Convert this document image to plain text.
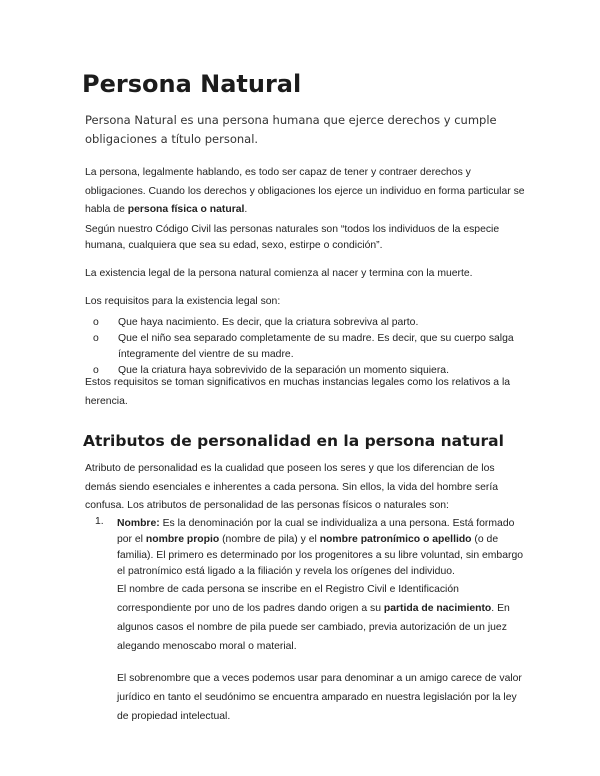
Persona Natural

Persona Natural es una persona humana que ejerce derechos y cumple obligaciones a título personal.

La persona, legalmente hablando, es todo ser capaz de tener y contraer derechos y obligaciones. Cuando los derechos y obligaciones los ejerce un individuo en forma particular se habla de persona física o natural.

Según nuestro Código Civil las personas naturales son “todos los individuos de la especie humana, cualquiera que sea su edad, sexo, estirpe o condición”.

La existencia legal de la persona natural comienza al nacer y termina con la muerte.

Los requisitos para la existencia legal son:

o Que haya nacimiento. Es decir, que la criatura sobreviva al parto.
o Que el niño sea separado completamente de su madre. Es decir, que su cuerpo salga íntegramente del vientre de su madre.
o Que la criatura haya sobrevivido de la separación un momento siquiera.

Estos requisitos se toman significativos en muchas instancias legales como los relativos a la herencia.

Atributos de personalidad en la persona natural

Atributo de personalidad es la cualidad que poseen los seres y que los diferencian de los demás siendo esenciales e inherentes a cada persona. Sin ellos, la vida del hombre sería confusa. Los atributos de personalidad de las personas físicos o naturales son:

1. Nombre: Es la denominación por la cual se individualiza a una persona. Está formado por el nombre propio (nombre de pila) y el nombre patronímico o apellido (o de familia). El primero es determinado por los progenitores a su libre voluntad, sin embargo el patronímico está ligado a la filiación y revela los orígenes del individuo.
El nombre de cada persona se inscribe en el Registro Civil e Identificación correspondiente por uno de los padres dando origen a su partida de nacimiento. En algunos casos el nombre de pila puede ser cambiado, previa autorización de un juez alegando menoscabo moral o material.
El sobrenombre que a veces podemos usar para denominar a un amigo carece de valor jurídico en tanto el seudónimo se encuentra amparado en nuestra legislación por la ley de propiedad intelectual.
